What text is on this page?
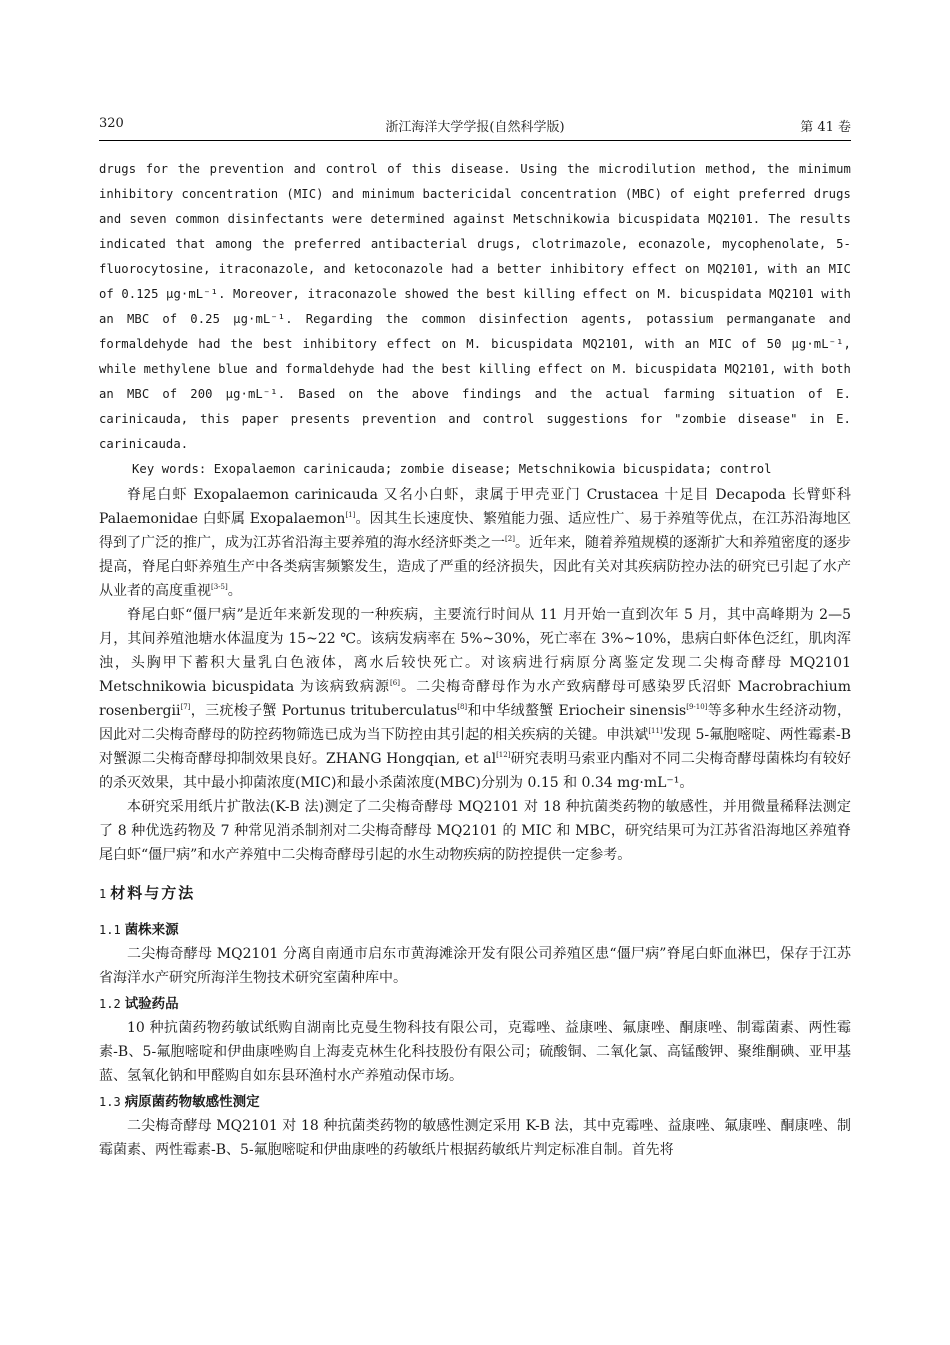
320	浙江海洋大学学报(自然科学版)	第 41 卷

drugs for the prevention and control of this disease. Using the microdilution method, the minimum inhibitory concentration (MIC) and minimum bactericidal concentration (MBC) of eight preferred drugs and seven common disinfectants were determined against Metschnikowia bicuspidata MQ2101. The results indicated that among the preferred antibacterial drugs, clotrimazole, econazole, mycophenolate, 5-fluorocytosine, itraconazole, and ketoconazole had a better inhibitory effect on MQ2101, with an MIC of 0.125 μg·mL⁻¹. Moreover, itraconazole showed the best killing effect on M. bicuspidata MQ2101 with an MBC of 0.25 μg·mL⁻¹. Regarding the common disinfection agents, potassium permanganate and formaldehyde had the best inhibitory effect on M. bicuspidata MQ2101, with an MIC of 50 μg·mL⁻¹, while methylene blue and formaldehyde had the best killing effect on M. bicuspidata MQ2101, with both an MBC of 200 μg·mL⁻¹. Based on the above findings and the actual farming situation of E. carinicauda, this paper presents prevention and control suggestions for "zombie disease" in E. carinicauda.

Key words: Exopalaemon carinicauda; zombie disease; Metschnikowia bicuspidata; control

脊尾白虾 Exopalaemon carinicauda 又名小白虾，隶属于甲壳亚门 Crustacea 十足目 Decapoda 长臂虾科 Palaemonidae 白虾属 Exopalaemon[1]。因其生长速度快、繁殖能力强、适应性广、易于养殖等优点，在江苏沿海地区得到了广泛的推广，成为江苏省沿海主要养殖的海水经济虾类之一[2]。近年来，随着养殖规模的逐渐扩大和养殖密度的逐步提高，脊尾白虾养殖生产中各类病害频繁发生，造成了严重的经济损失，因此有关对其疾病防控办法的研究已引起了水产从业者的高度重视[3-5]。

脊尾白虾“僵尸病”是近年来新发现的一种疾病，主要流行时间从 11 月开始一直到次年 5 月，其中高峰期为 2—5 月，其间养殖池塘水体温度为 15~22 ℃。该病发病率在 5%~30%，死亡率在 3%~10%，患病白虾体色泛红，肌肉浑浊，头胸甲下蓄积大量乳白色液体，离水后较快死亡。对该病进行病原分离鉴定发现二尖梅奇酵母 MQ2101 Metschnikowia bicuspidata 为该病致病源[6]。二尖梅奇酵母作为水产致病酵母可感染罗氏沼虾 Macrobrachium rosenbergii[7]，三疣梭子蟹 Portunus trituberculatus[8]和中华绒螯蟹 Eriocheir sinensis[9-10]等多种水生经济动物，因此对二尖梅奇酵母的防控药物筛选已成为当下防控由其引起的相关疾病的关键。申洪斌[11]发现 5-氟胞嘧啶、两性霉素-B 对蟹源二尖梅奇酵母抑制效果良好。ZHANG Hongqian, et al[12]研究表明马索亚内酯对不同二尖梅奇酵母菌株均有较好的杀灭效果，其中最小抑菌浓度(MIC)和最小杀菌浓度(MBC)分别为 0.15 和 0.34 mg·mL⁻¹。

本研究采用纸片扩散法(K-B 法)测定了二尖梅奇酵母 MQ2101 对 18 种抗菌类药物的敏感性，并用微量稀释法测定了 8 种优选药物及 7 种常见消杀制剂对二尖梅奇酵母 MQ2101 的 MIC 和 MBC，研究结果可为江苏省沿海地区养殖脊尾白虾“僵尸病”和水产养殖中二尖梅奇酵母引起的水生动物疾病的防控提供一定参考。

1 材料与方法
1.1 菌株来源

二尖梅奇酵母 MQ2101 分离自南通市启东市黄海滩涂开发有限公司养殖区患“僵尸病”脊尾白虾血淋巴，保存于江苏省海洋水产研究所海洋生物技术研究室菌种库中。

1.2 试验药品

10 种抗菌药物药敏试纸购自湖南比克曼生物科技有限公司，克霉唑、益康唑、氟康唑、酮康唑、制霉菌素、两性霉素-B、5-氟胞嘧啶和伊曲康唑购自上海麦克林生化科技股份有限公司；硫酸铜、二氧化氯、高锰酸钾、聚维酮碘、亚甲基蓝、氢氧化钠和甲醛购自如东县环渔村水产养殖动保市场。

1.3 病原菌药物敏感性测定

二尖梅奇酵母 MQ2101 对 18 种抗菌类药物的敏感性测定采用 K-B 法，其中克霉唑、益康唑、氟康唑、酮康唑、制霉菌素、两性霉素-B、5-氟胞嘧啶和伊曲康唑的药敏纸片根据药敏纸片判定标准自制。首先将
